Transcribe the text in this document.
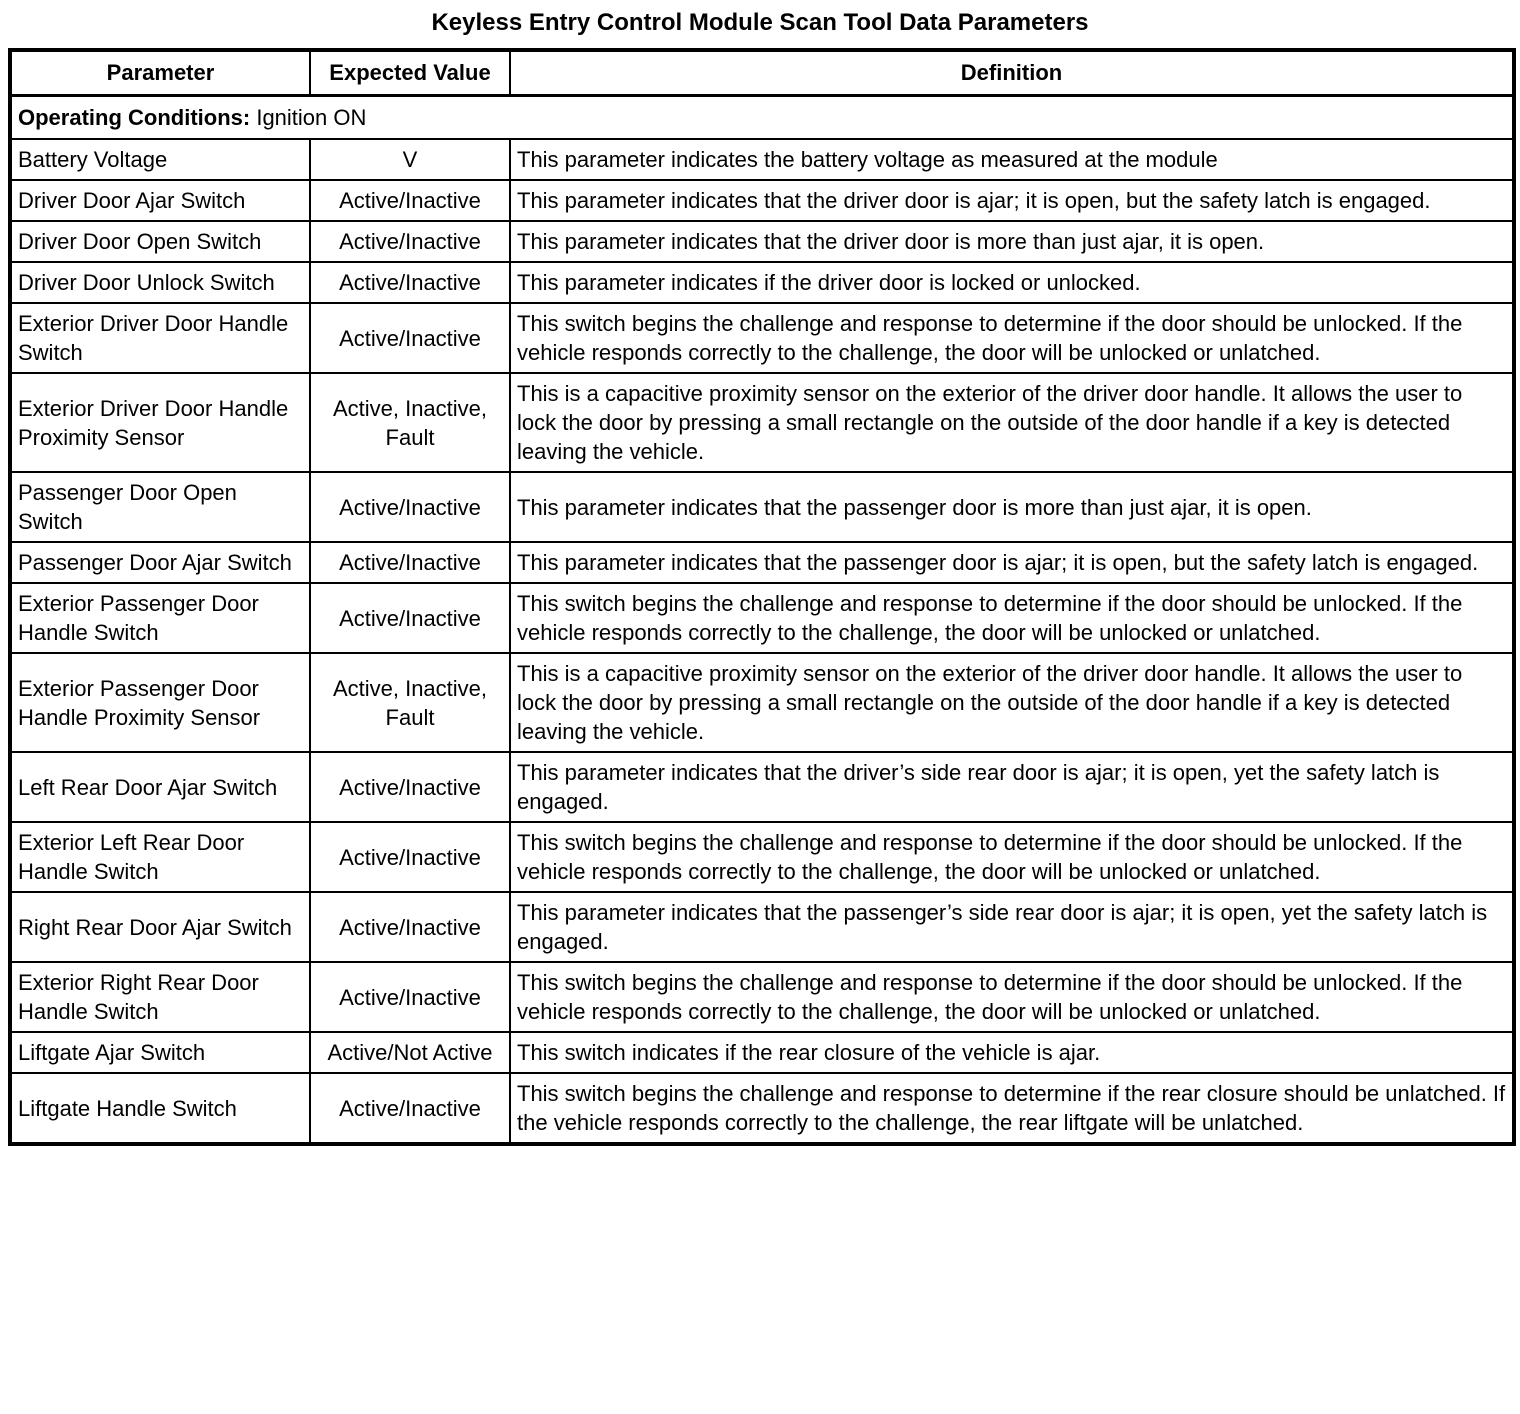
Keyless Entry Control Module Scan Tool Data Parameters
Parameter	Expected Value	Definition
Operating Conditions: Ignition ON		
Battery Voltage	V	This parameter indicates the battery voltage as measured at the module
Driver Door Ajar Switch	Active/Inactive	This parameter indicates that the driver door is ajar; it is open, but the safety latch is engaged.
Driver Door Open Switch	Active/Inactive	This parameter indicates that the driver door is more than just ajar, it is open.
Driver Door Unlock Switch	Active/Inactive	This parameter indicates if the driver door is locked or unlocked.
Exterior Driver Door Handle Switch	Active/Inactive	This switch begins the challenge and response to determine if the door should be unlocked. If the vehicle responds correctly to the challenge, the door will be unlocked or unlatched.
Exterior Driver Door Handle Proximity Sensor	Active, Inactive, Fault	This is a capacitive proximity sensor on the exterior of the driver door handle. It allows the user to lock the door by pressing a small rectangle on the outside of the door handle if a key is detected leaving the vehicle.
Passenger Door Open Switch	Active/Inactive	This parameter indicates that the passenger door is more than just ajar, it is open.
Passenger Door Ajar Switch	Active/Inactive	This parameter indicates that the passenger door is ajar; it is open, but the safety latch is engaged.
Exterior Passenger Door Handle Switch	Active/Inactive	This switch begins the challenge and response to determine if the door should be unlocked. If the vehicle responds correctly to the challenge, the door will be unlocked or unlatched.
Exterior Passenger Door Handle Proximity Sensor	Active, Inactive, Fault	This is a capacitive proximity sensor on the exterior of the driver door handle. It allows the user to lock the door by pressing a small rectangle on the outside of the door handle if a key is detected leaving the vehicle.
Left Rear Door Ajar Switch	Active/Inactive	This parameter indicates that the driver’s side rear door is ajar; it is open, yet the safety latch is engaged.
Exterior Left Rear Door Handle Switch	Active/Inactive	This switch begins the challenge and response to determine if the door should be unlocked. If the vehicle responds correctly to the challenge, the door will be unlocked or unlatched.
Right Rear Door Ajar Switch	Active/Inactive	This parameter indicates that the passenger’s side rear door is ajar; it is open, yet the safety latch is engaged.
Exterior Right Rear Door Handle Switch	Active/Inactive	This switch begins the challenge and response to determine if the door should be unlocked. If the vehicle responds correctly to the challenge, the door will be unlocked or unlatched.
Liftgate Ajar Switch	Active/Not Active	This switch indicates if the rear closure of the vehicle is ajar.
Liftgate Handle Switch	Active/Inactive	This switch begins the challenge and response to determine if the rear closure should be unlatched. If the vehicle responds correctly to the challenge, the rear liftgate will be unlatched.
